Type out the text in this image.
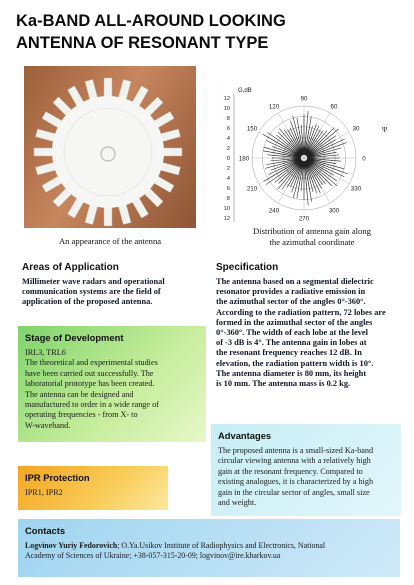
Ka-BAND ALL-AROUND LOOKING
ANTENNA OF RESONANT TYPE
An appearance of the antenna
90
120	60
150	30
180	0
210	330
240	300
270
12
10
8
6
4
2
0
2
4
6
8
10
12
G,dB
Ψ
Distribution of antenna gain along
the azimuthal coordinate
Areas of Application
Millimeter wave radars and operational
communication systems are the field of
application of the proposed antenna.
Specification
The antenna based on a segmental dielectric
resonator provides a radiative emission in
the azimuthal sector of the angles 0°-360°.
According to the radiation pattern, 72 lobes are
formed in the azimuthal sector of the angles
0°-360°. The width of each lobe at the level
of -3 dB is 4°. The antenna gain in lobes at
the resonant frequency reaches 12 dB. In
elevation, the radiation pattern width is 10°.
The antenna diameter is 80 mm, its height
is 10 mm. The antenna mass is 0.2 kg.
Stage of Development
IRL3, TRL6
The theoretical and experimental studies
have been carried out successfully. The
laboratorial prototype has been created.
The antenna can be designed and
manufactured to order in a wide range of
operating frequencies - from X- to
W-waveband.
Advantages
The proposed antenna is a small-sized Ka-band
circular viewing antenna with a relatively high
gain at the resonant frequency. Compared to
existing analogues, it is characterized by a high
gain in the circular sector of angles, small size
and weight.
IPR Protection
IPR1, IPR2
Contacts
Logvinov Yuriy Fedorovich; O.Ya.Usikov Institute of Radiophysics and Electronics, National
Academy of Sciences of Ukraine; +38-057-315-20-09; logvinov@ire.kharkov.ua
